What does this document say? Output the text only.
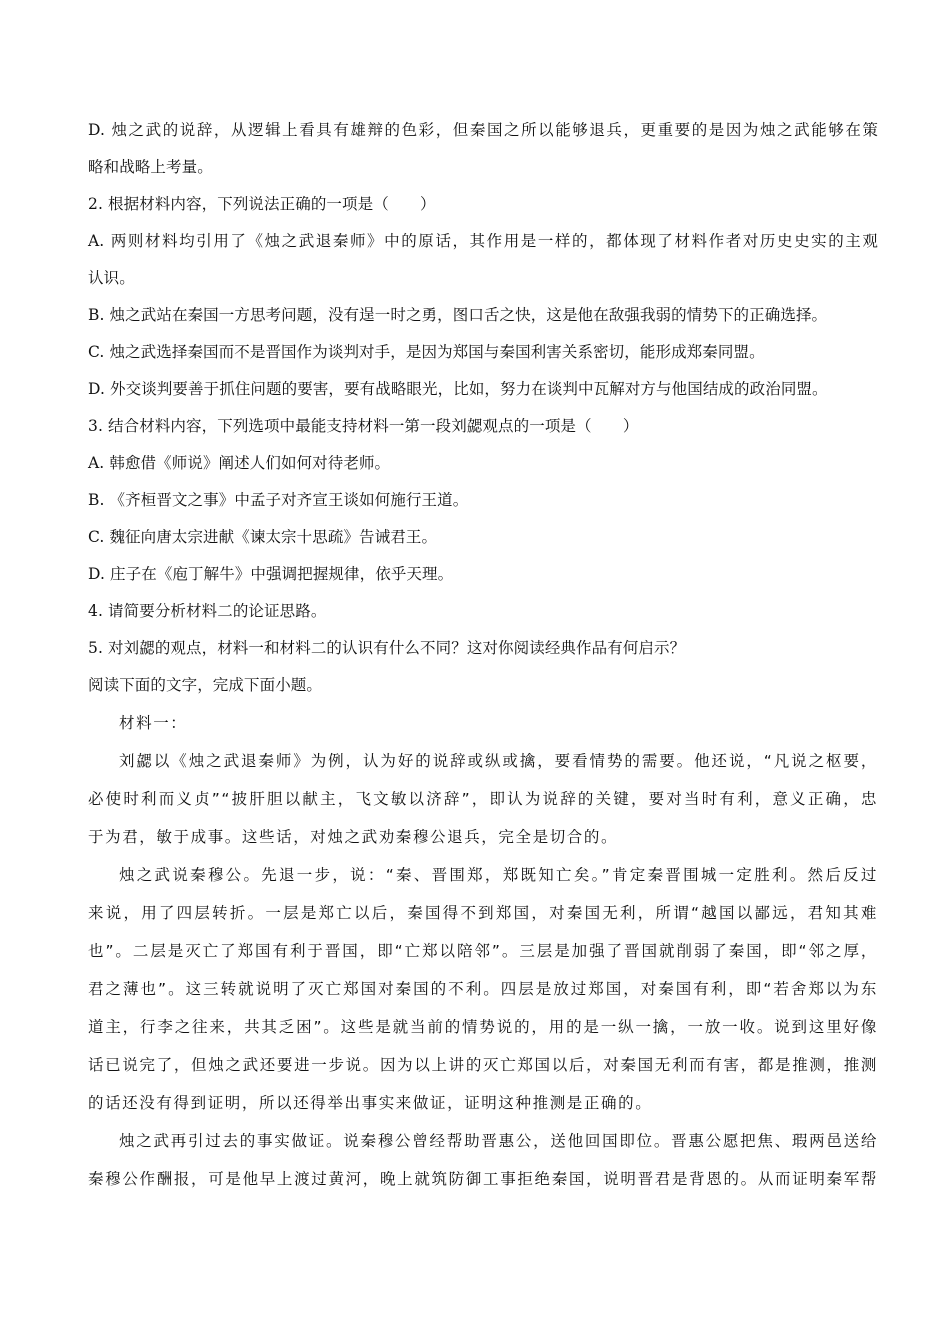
D. 烛之武的说辞，从逻辑上看具有雄辩的色彩，但秦国之所以能够退兵，更重要的是因为烛之武能够在策
略和战略上考量。
2. 根据材料内容，下列说法正确的一项是（　　）
A. 两则材料均引用了《烛之武退秦师》中的原话，其作用是一样的，都体现了材料作者对历史史实的主观
认识。
B. 烛之武站在秦国一方思考问题，没有逞一时之勇，图口舌之快，这是他在敌强我弱的情势下的正确选择。
C. 烛之武选择秦国而不是晋国作为谈判对手，是因为郑国与秦国利害关系密切，能形成郑秦同盟。
D. 外交谈判要善于抓住问题的要害，要有战略眼光，比如，努力在谈判中瓦解对方与他国结成的政治同盟。
3. 结合材料内容，下列选项中最能支持材料一第一段刘勰观点的一项是（　　）
A. 韩愈借《师说》阐述人们如何对待老师。
B. 《齐桓晋文之事》中孟子对齐宣王谈如何施行王道。
C. 魏征向唐太宗进献《谏太宗十思疏》告诫君王。
D. 庄子在《庖丁解牛》中强调把握规律，依乎天理。
4. 请简要分析材料二的论证思路。
5. 对刘勰的观点，材料一和材料二的认识有什么不同？这对你阅读经典作品有何启示？
阅读下面的文字，完成下面小题。
材料一：
刘勰以《烛之武退秦师》为例，认为好的说辞或纵或擒，要看情势的需要。他还说，“凡说之枢要，
必使时利而义贞”“披肝胆以献主，飞文敏以济辞”，即认为说辞的关键，要对当时有利，意义正确，忠
于为君，敏于成事。这些话，对烛之武劝秦穆公退兵，完全是切合的。
烛之武说秦穆公。先退一步，说：“秦、晋围郑，郑既知亡矣。”肯定秦晋围城一定胜利。然后反过
来说，用了四层转折。一层是郑亡以后，秦国得不到郑国，对秦国无利，所谓“越国以鄙远，君知其难
也”。二层是灭亡了郑国有利于晋国，即“亡郑以陪邻”。三层是加强了晋国就削弱了秦国，即“邻之厚，
君之薄也”。这三转就说明了灭亡郑国对秦国的不利。四层是放过郑国，对秦国有利，即“若舍郑以为东
道主，行李之往来，共其乏困”。这些是就当前的情势说的，用的是一纵一擒，一放一收。说到这里好像
话已说完了，但烛之武还要进一步说。因为以上讲的灭亡郑国以后，对秦国无利而有害，都是推测，推测
的话还没有得到证明，所以还得举出事实来做证，证明这种推测是正确的。
烛之武再引过去的事实做证。说秦穆公曾经帮助晋惠公，送他回国即位。晋惠公愿把焦、瑕两邑送给
秦穆公作酬报，可是他早上渡过黄河，晚上就筑防御工事拒绝秦国，说明晋君是背恩的。从而证明秦军帮
